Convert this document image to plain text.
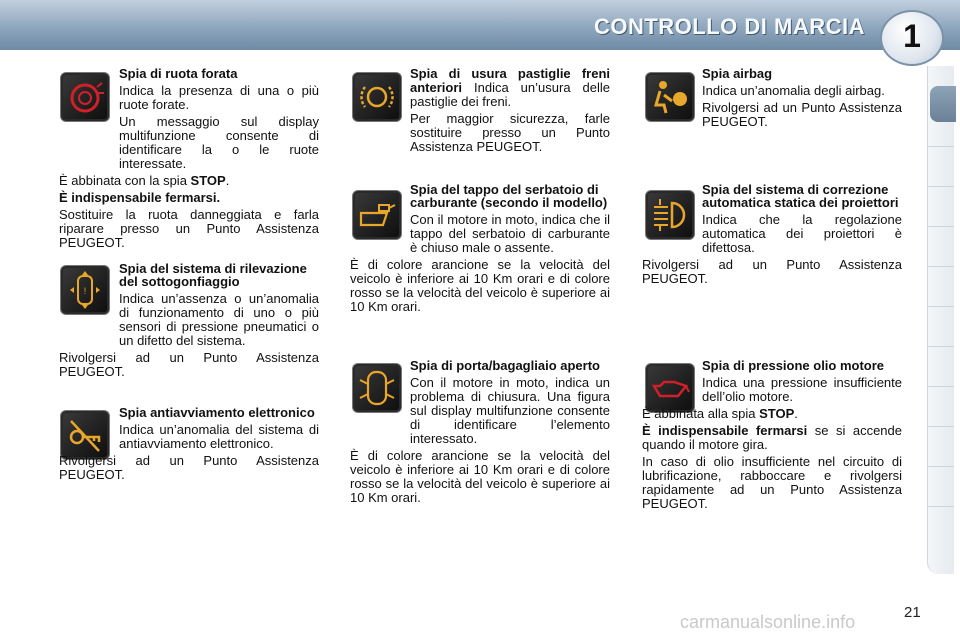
CONTROLLO DI MARCIA	1
Spia di ruota forata

Indica la presenza di una o più ruote forate.

Un messaggio sul display multifunzione consente di identificare la o le ruote interessate.

È abbinata con la spia STOP.

È indispensabile fermarsi.

Sostituire la ruota danneggiata e farla riparare presso un Punto Assistenza PEUGEOT.

!
Spia del sistema di rilevazione del sottogonfiaggio

Indica un’assenza o un’anomalia di funzionamento di uno o più sensori di pressione pneumatici o un difetto del sistema.

Rivolgersi ad un Punto Assistenza PEUGEOT.

Spia antiavviamento elettronico

Indica un’anomalia del sistema di antiavviamento elettronico.

Rivolgersi ad un Punto Assistenza PEUGEOT.

Spia di usura pastiglie freni anteriori Indica un’usura delle pastiglie dei freni.

Per maggior sicurezza, farle sostituire presso un Punto Assistenza PEUGEOT.

Spia del tappo del serbatoio di carburante (secondo il modello)

Con il motore in moto, indica che il tappo del serbatoio di carburante è chiuso male o assente.

È di colore arancione se la velocità del veicolo è inferiore ai 10 Km orari e di colore rosso se la velocità del veicolo è superiore ai 10 Km orari.

Spia di porta/bagagliaio aperto

Con il motore in moto, indica un problema di chiusura. Una figura sul display multifunzione consente di identificare l’elemento interessato.

È di colore arancione se la velocità del veicolo è inferiore ai 10 Km orari e di colore rosso se la velocità del veicolo è superiore ai 10 Km orari.

Spia airbag

Indica un’anomalia degli airbag.

Rivolgersi ad un Punto Assistenza PEUGEOT.

Spia del sistema di correzione automatica statica dei proiettori

Indica che la regolazione automatica dei proiettori è difettosa.

Rivolgersi ad un Punto Assistenza PEUGEOT.

Spia di pressione olio motore

Indica una pressione insufficiente dell’olio motore.

È abbinata alla spia STOP.

È indispensabile fermarsi se si accende quando il motore gira.

In caso di olio insufficiente nel circuito di lubrificazione, rabboccare e rivolgersi rapidamente ad un Punto Assistenza PEUGEOT.

carmanualsonline.info	21
